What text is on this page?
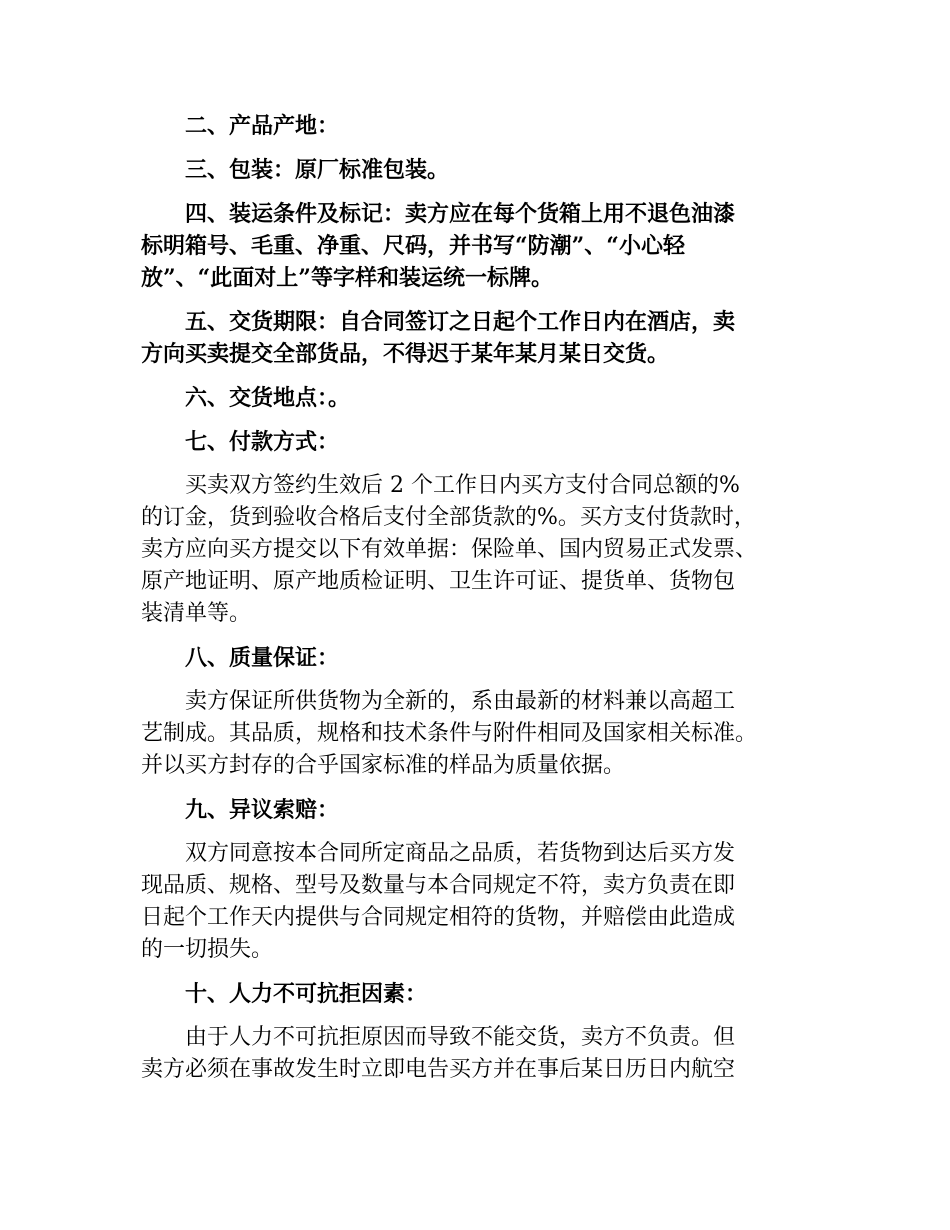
二、产品产地：

三、包装：原厂标准包装。

四、装运条件及标记：卖方应在每个货箱上用不退色油漆
标明箱号、毛重、净重、尺码，并书写“防潮”、“小心轻
放”、“此面对上”等字样和装运统一标牌。

五、交货期限：自合同签订之日起个工作日内在酒店，卖
方向买卖提交全部货品，不得迟于某年某月某日交货。

六、交货地点：。

七、付款方式：

买卖双方签约生效后 2 个工作日内买方支付合同总额的%
的订金，货到验收合格后支付全部货款的%。买方支付货款时，
卖方应向买方提交以下有效单据：保险单、国内贸易正式发票、
原产地证明、原产地质检证明、卫生许可证、提货单、货物包
装清单等。

八、质量保证：

卖方保证所供货物为全新的，系由最新的材料兼以高超工
艺制成。其品质，规格和技术条件与附件相同及国家相关标准。
并以买方封存的合乎国家标准的样品为质量依据。

九、异议索赔：

双方同意按本合同所定商品之品质，若货物到达后买方发
现品质、规格、型号及数量与本合同规定不符，卖方负责在即
日起个工作天内提供与合同规定相符的货物，并赔偿由此造成
的一切损失。

十、人力不可抗拒因素：

由于人力不可抗拒原因而导致不能交货，卖方不负责。但
卖方必须在事故发生时立即电告买方并在事后某日历日内航空
